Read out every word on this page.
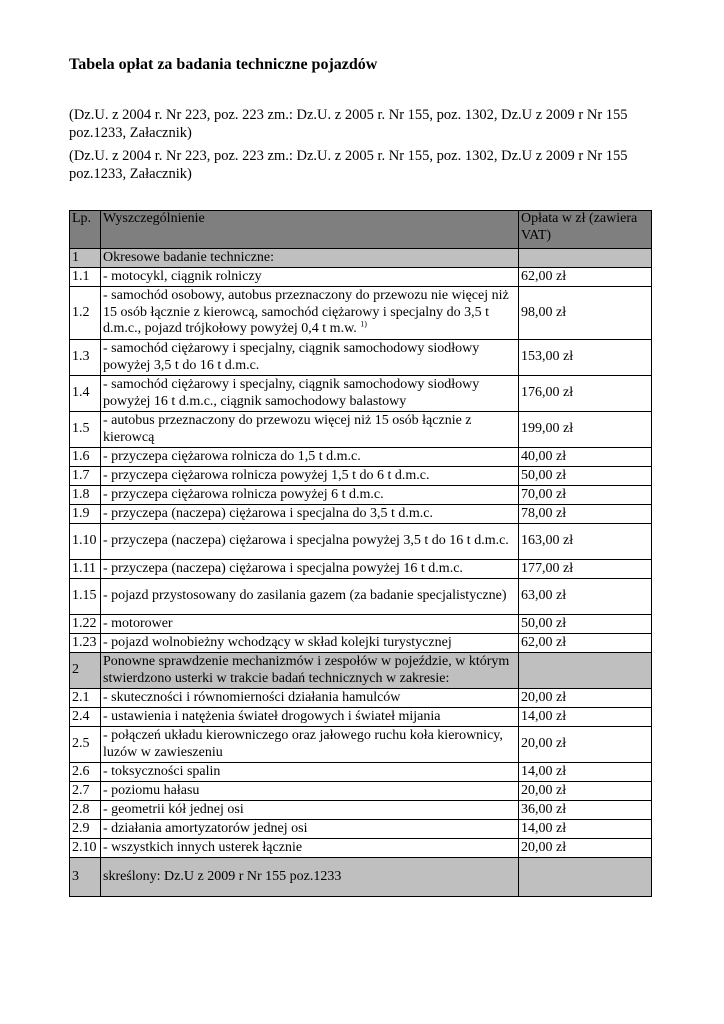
Tabela opłat za badania techniczne pojazdów
(Dz.U. z 2004 r. Nr 223, poz. 223 zm.: Dz.U. z 2005 r. Nr 155, poz. 1302, Dz.U z 2009 r Nr 155 poz.1233, Załacznik)
(Dz.U. z 2004 r. Nr 223, poz. 223 zm.: Dz.U. z 2005 r. Nr 155, poz. 1302, Dz.U z 2009 r Nr 155 poz.1233, Załacznik)
Lp.	Wyszczególnienie	Opłata w zł (zawiera VAT)
1	Okresowe badanie techniczne:	
1.1	- motocykl, ciągnik rolniczy	62,00 zł
1.2	- samochód osobowy, autobus przeznaczony do przewozu nie więcej niż 15 osób łącznie z kierowcą, samochód ciężarowy i specjalny do 3,5 t d.m.c., pojazd trójkołowy powyżej 0,4 t m.w. $^{1)}$	98,00 zł
1.3	- samochód ciężarowy i specjalny, ciągnik samochodowy siodłowy powyżej 3,5 t do 16 t d.m.c.	153,00 zł
1.4	- samochód ciężarowy i specjalny, ciągnik samochodowy siodłowy powyżej 16 t d.m.c., ciągnik samochodowy balastowy	176,00 zł
1.5	- autobus przeznaczony do przewozu więcej niż 15 osób łącznie z kierowcą	199,00 zł
1.6	- przyczepa ciężarowa rolnicza do 1,5 t d.m.c.	40,00 zł
1.7	- przyczepa ciężarowa rolnicza powyżej 1,5 t do 6 t d.m.c.	50,00 zł
1.8	- przyczepa ciężarowa rolnicza powyżej 6 t d.m.c.	70,00 zł
1.9	- przyczepa (naczepa) ciężarowa i specjalna do 3,5 t d.m.c.	78,00 zł
1.10	- przyczepa (naczepa) ciężarowa i specjalna powyżej 3,5 t do 16 t d.m.c.	163,00 zł
1.11	- przyczepa (naczepa) ciężarowa i specjalna powyżej 16 t d.m.c.	177,00 zł
1.15	- pojazd przystosowany do zasilania gazem (za badanie specjalistyczne)	63,00 zł
1.22	- motorower	50,00 zł
1.23	- pojazd wolnobieżny wchodzący w skład kolejki turystycznej	62,00 zł
2	Ponowne sprawdzenie mechanizmów i zespołów w pojeździe, w którym stwierdzono usterki w trakcie badań technicznych w zakresie:	
2.1	- skuteczności i równomierności działania hamulców	20,00 zł
2.4	- ustawienia i natężenia świateł drogowych i świateł mijania	14,00 zł
2.5	- połączeń układu kierowniczego oraz jałowego ruchu koła kierownicy, luzów w zawieszeniu	20,00 zł
2.6	- toksyczności spalin	14,00 zł
2.7	- poziomu hałasu	20,00 zł
2.8	- geometrii kół jednej osi	36,00 zł
2.9	- działania amortyzatorów jednej osi	14,00 zł
2.10	- wszystkich innych usterek łącznie	20,00 zł
3	skreślony: Dz.U z 2009 r Nr 155 poz.1233	
